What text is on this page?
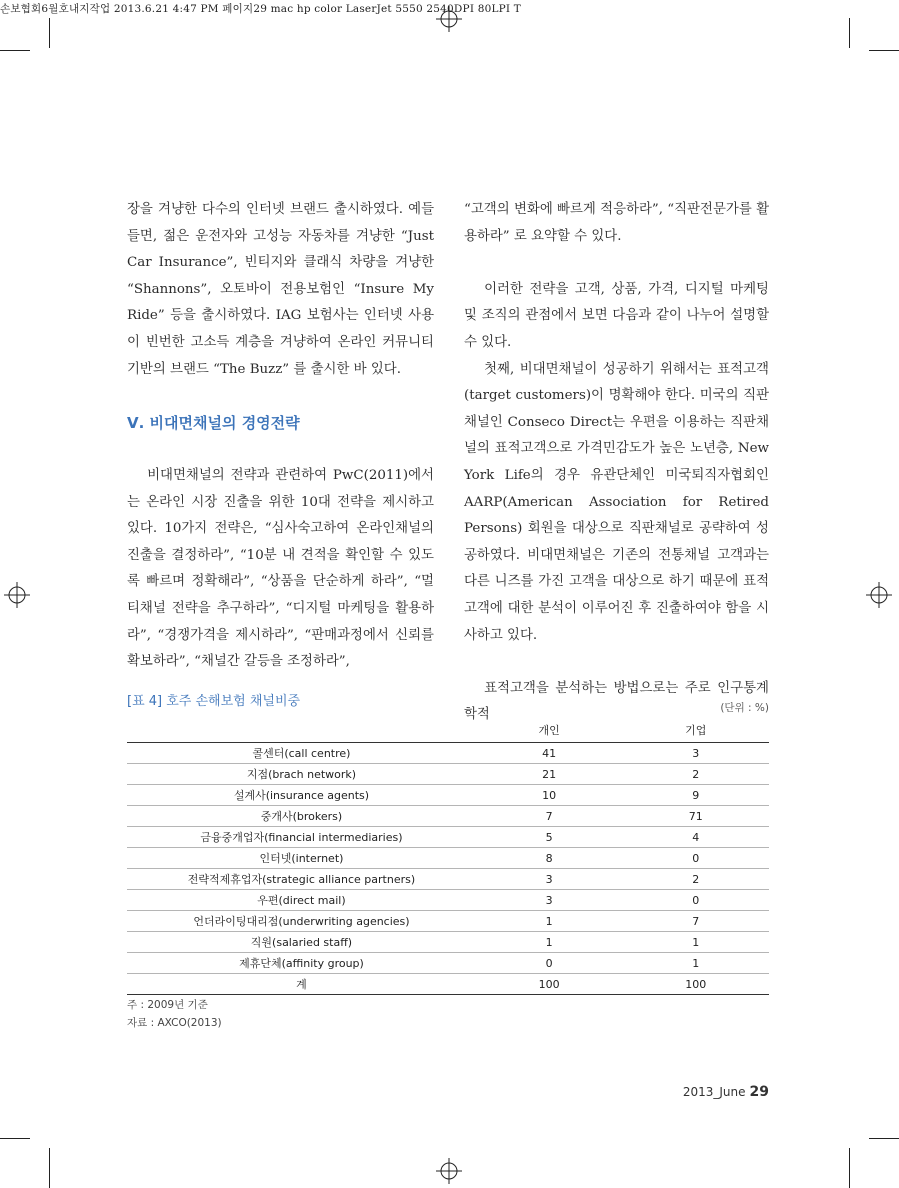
손보협회6월호내지작업 2013.6.21 4:47 PM 페이지29 mac hp color LaserJet 5550 2540DPI 80LPI T

장을 겨냥한 다수의 인터넷 브랜드 출시하였다. 예들 들면, 젊은 운전자와 고성능 자동차를 겨냥한 “Just Car Insurance”, 빈티지와 클래식 차량을 겨냥한 “Shannons”, 오토바이 전용보험인 “Insure My Ride” 등을 출시하였다. IAG 보험사는 인터넷 사용이 빈번한 고소득 계층을 겨냥하여 온라인 커뮤니티 기반의 브랜드 “The Buzz” 를 출시한 바 있다.

Ⅴ. 비대면채널의 경영전략

비대면채널의 전략과 관련하여 PwC(2011)에서는 온라인 시장 진출을 위한 10대 전략을 제시하고 있다. 10가지 전략은, “심사숙고하여 온라인채널의 진출을 결정하라”, “10분 내 견적을 확인할 수 있도록 빠르며 정확해라”, “상품을 단순하게 하라”, “멀티채널 전략을 추구하라”, “디지털 마케팅을 활용하라”, “경쟁가격을 제시하라”, “판매과정에서 신뢰를 확보하라”, “채널간 갈등을 조정하라”,

“고객의 변화에 빠르게 적응하라”, “직판전문가를 활용하라” 로 요약할 수 있다.

이러한 전략을 고객, 상품, 가격, 디지털 마케팅 및 조직의 관점에서 보면 다음과 같이 나누어 설명할 수 있다.

첫째, 비대면채널이 성공하기 위해서는 표적고객(target customers)이 명확해야 한다. 미국의 직판채널인 Conseco Direct는 우편을 이용하는 직판채널의 표적고객으로 가격민감도가 높은 노년층, New York Life의 경우 유관단체인 미국퇴직자협회인 AARP(American Association for Retired Persons) 회원을 대상으로 직판채널로 공략하여 성공하였다. 비대면채널은 기존의 전통채널 고객과는 다른 니즈를 가진 고객을 대상으로 하기 때문에 표적고객에 대한 분석이 이루어진 후 진출하여야 함을 시사하고 있다.

표적고객을 분석하는 방법으로는 주로 인구통계학적

[표 4] 호주 손해보험 채널비중	(단위 : %)
	개인	기업
콜센터(call centre)	41	3
지점(brach network)	21	2
설계사(insurance agents)	10	9
중개사(brokers)	7	71
금융중개업자(financial intermediaries)	5	4
인터넷(internet)	8	0
전략적제휴업자(strategic alliance partners)	3	2
우편(direct mail)	3	0
언더라이팅대리점(underwriting agencies)	1	7
직원(salaried staff)	1	1
제휴단체(affinity group)	0	1
계	100	100
주 : 2009년 기준
자료 : AXCO(2013)
2013_June 29
